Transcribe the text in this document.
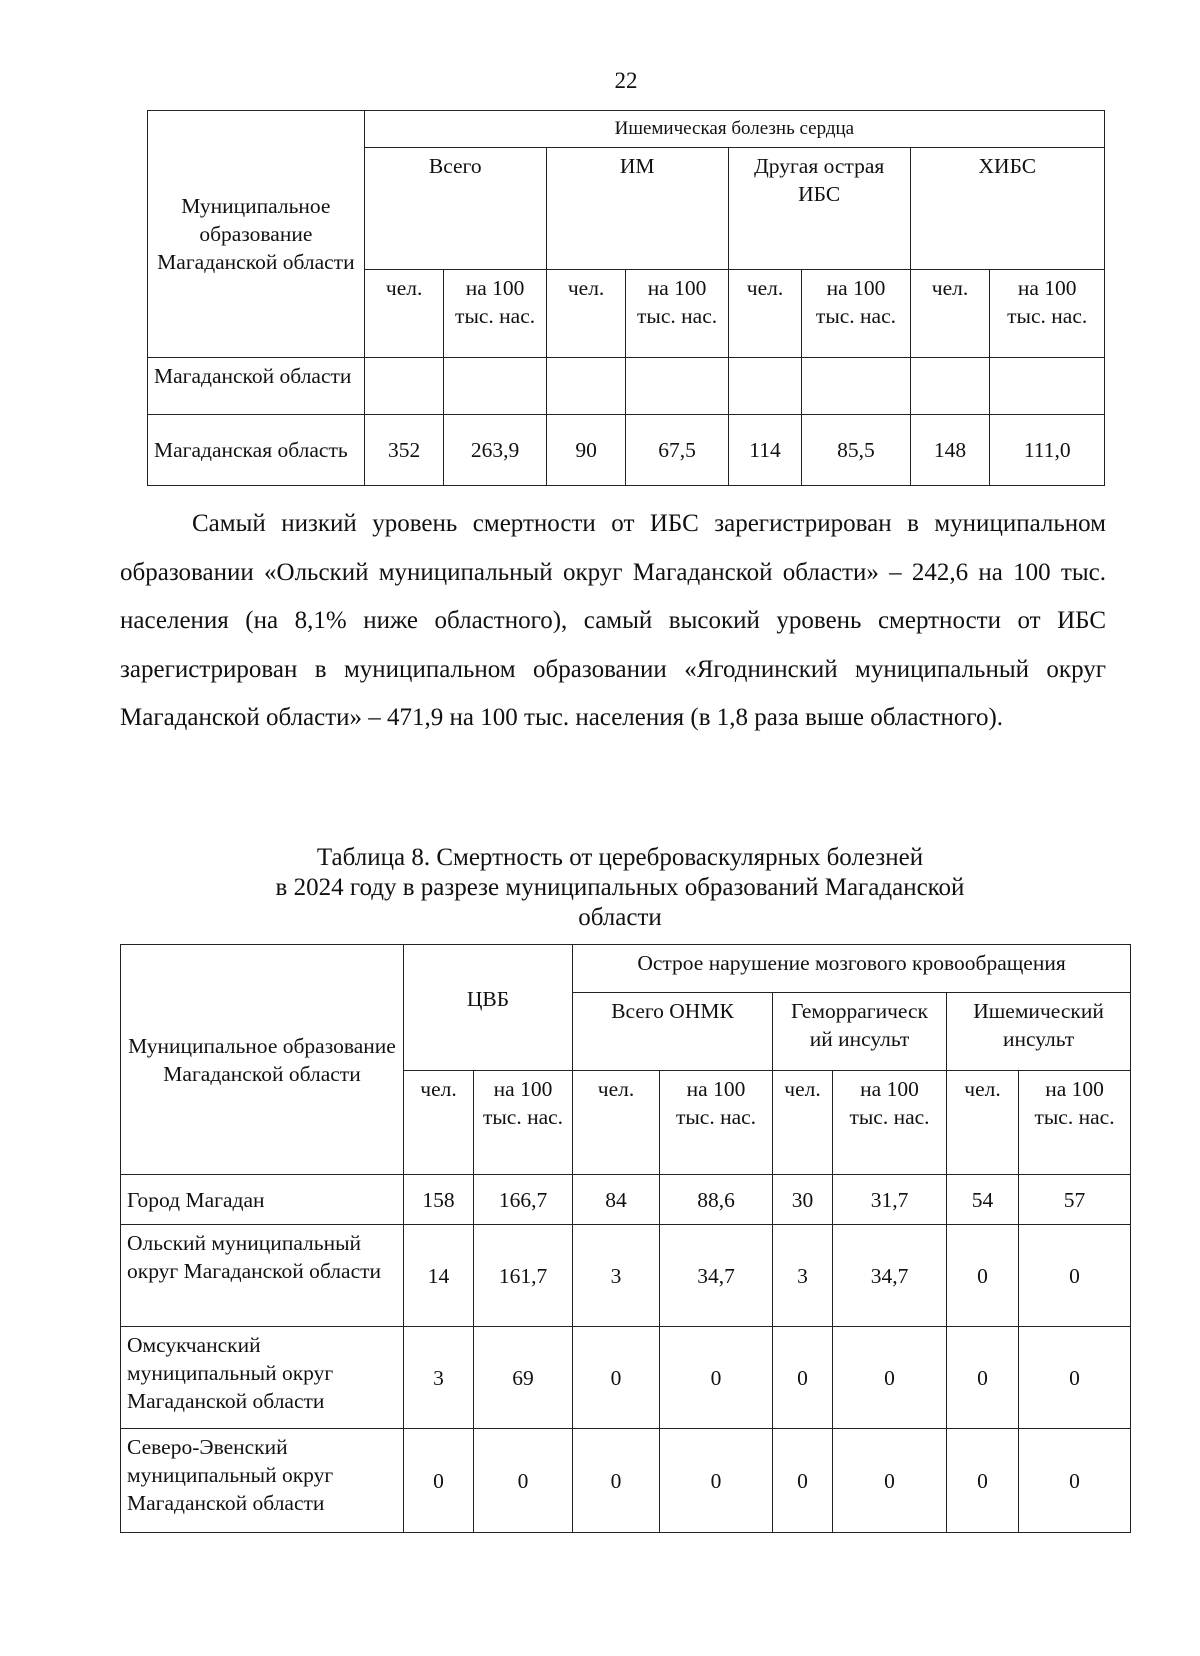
22
Муниципальное образование Магаданской области	Ишемическая болезнь сердца							
	Всего		ИМ		Другая острая ИБС		ХИБС	
	чел.	на 100 тыс. нас.	чел.	на 100 тыс. нас.	чел.	на 100 тыс. нас.	чел.	на 100 тыс. нас.
Магаданской области								
Магаданская область	352	263,9	90	67,5	114	85,5	148	111,0

Самый низкий уровень смертности от ИБС зарегистрирован в муниципальном образовании «Ольский муниципальный округ Магаданской области» – 242,6 на 100 тыс. населения (на 8,1% ниже областного), самый высокий уровень смертности от ИБС зарегистрирован в муниципальном образовании «Ягоднинский муниципальный округ Магаданской области» – 471,9 на 100 тыс. населения (в 1,8 раза выше областного).

Таблица 8. Смертность от цереброваскулярных болезней
в 2024 году в разрезе муниципальных образований Магаданской
области
Муниципальное образование Магаданской области	ЦВБ		Острое нарушение мозгового кровообращения					
			Всего ОНМК		Геморрагическ ий инсульт		Ишемический инсульт	
	чел.	на 100 тыс. нас.	чел.	на 100 тыс. нас.	чел.	на 100 тыс. нас.	чел.	на 100 тыс. нас.
Город Магадан	158	166,7	84	88,6	30	31,7	54	57
Ольский муниципальный округ Магаданской области	14	161,7	3	34,7	3	34,7	0	0
Омсукчанский муниципальный округ Магаданской области	3	69	0	0	0	0	0	0
Северо-Эвенский муниципальный округ Магаданской области	0	0	0	0	0	0	0	0
